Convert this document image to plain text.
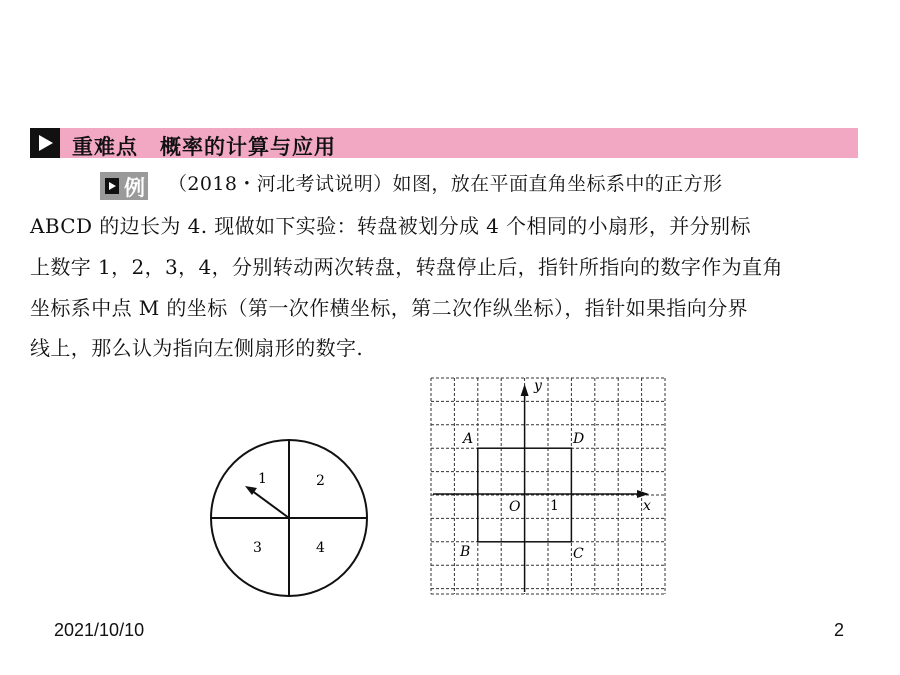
重难点　概率的计算与应用
例 （2018・河北考试说明）如图，放在平面直角坐标系中的正方形
ABCD 的边长为 4. 现做如下实验：转盘被划分成 4 个相同的小扇形，并分别标
上数字 1，2，3，4，分别转动两次转盘，转盘停止后，指针所指向的数字作为直角
坐标系中点 M 的坐标（第一次作横坐标，第二次作纵坐标），指针如果指向分界
线上，那么认为指向左侧扇形的数字.
1	2
3	4
y
x
O 1
A	D
B	C
2021/10/10	2
